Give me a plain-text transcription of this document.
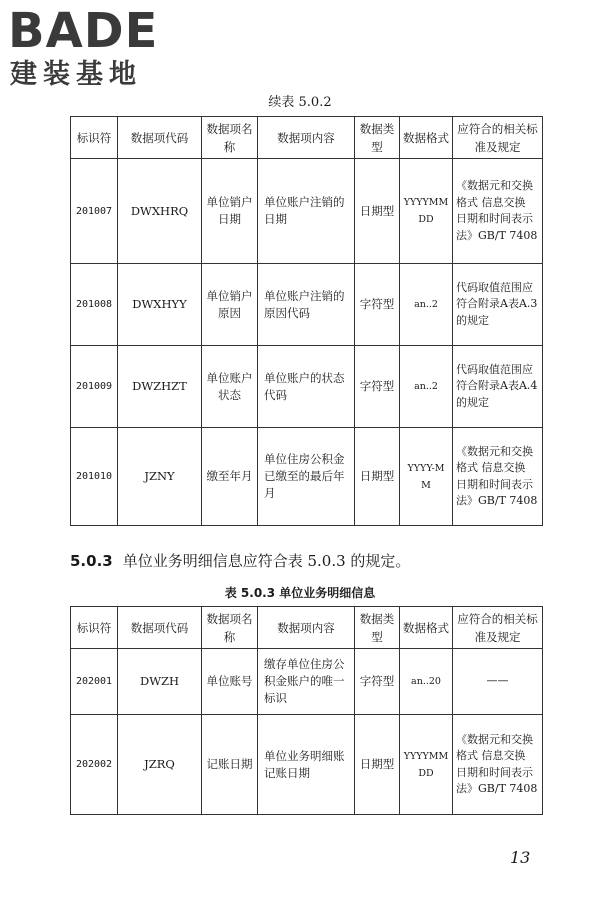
BADE
建装基地
续表 5.0.2
标识符	数据项代码	数据项名称	数据项内容	数据类型	数据格式	应符合的相关标准及规定
201007	DWXHRQ	单位销户日期	单位账户注销的日期	日期型	YYYYMMDD	《数据元和交换格式 信息交换 日期和时间表示法》GB/T 7408
201008	DWXHYY	单位销户原因	单位账户注销的原因代码	字符型	an..2	代码取值范围应符合附录A表A.3的规定
201009	DWZHZT	单位账户状态	单位账户的状态代码	字符型	an..2	代码取值范围应符合附录A表A.4的规定
201010	JZNY	缴至年月	单位住房公积金已缴至的最后年月	日期型	YYYY-MM	《数据元和交换格式 信息交换 日期和时间表示法》GB/T 7408
5.0.3 单位业务明细信息应符合表 5.0.3 的规定。
表 5.0.3 单位业务明细信息
标识符	数据项代码	数据项名称	数据项内容	数据类型	数据格式	应符合的相关标准及规定
202001	DWZH	单位账号	缴存单位住房公积金账户的唯一标识	字符型	an..20	——
202002	JZRQ	记账日期	单位业务明细账记账日期	日期型	YYYYMMDD	《数据元和交换格式 信息交换 日期和时间表示法》GB/T 7408
13
